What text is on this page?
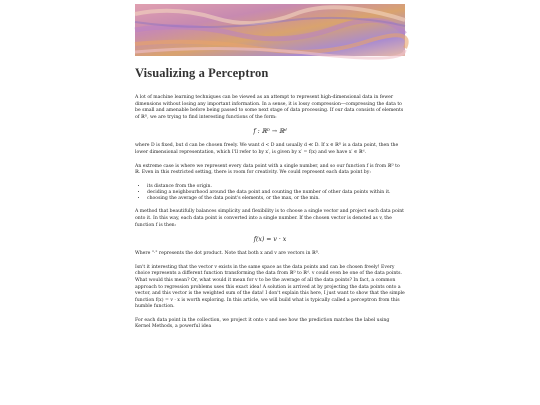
Visualizing a Perceptron

A lot of machine learning techniques can be viewed as an attempt to represent high-dimensional data in fewer dimensions without losing any important information. In a sense, it is lossy compression—compressing the data to be small and amenable before being passed to some next stage of data processing. If our data consists of elements of ℝᴰ, we are trying to find interesting functions of the form:

f : ℝᴰ → ℝᵈ

where D is fixed, but d can be chosen freely. We want d < D and usually d ≪ D. If x ∈ ℝᴰ is a data point, then the lower dimensional representation, which I'll refer to by x′, is given by x′ = f(x) and we have x′ ∈ ℝᵈ.

An extreme case is where we represent every data point with a single number, and so our function f is from ℝᴰ to ℝ. Even in this restricted setting, there is room for creativity. We could represent each data point by:

• its distance from the origin.
• deciding a neighbourhood around the data point and counting the number of other data points within it.
• choosing the average of the data point's elements, or the max, or the min.

A method that beautifully balances simplicity and flexibility is to choose a single vector and project each data point onto it. In this way, each data point is converted into a single number. If the chosen vector is denoted as v, the function f is then:

f(x) = v · x

Where "·" represents the dot product. Note that both x and v are vectors in ℝᴰ.

Isn't it interesting that the vector v exists in the same space as the data points and can be chosen freely! Every choice represents a different function transforming the data from ℝᴰ to ℝᵈ. v could even be one of the data points. What would this mean? Or, what would it mean for v to be the average of all the data points? In fact, a common approach to regression problems uses this exact idea! A solution is arrived at by projecting the data points onto a vector, and this vector is the weighted sum of the data! I don't explain this here, I just want to show that the simple function f(x) = v · x is worth exploring. In this article, we will build what is typically called a perceptron from this humble function.

For each data point in the collection, we project it onto v and see how the prediction matches the label using Kernel Methods, a powerful idea
